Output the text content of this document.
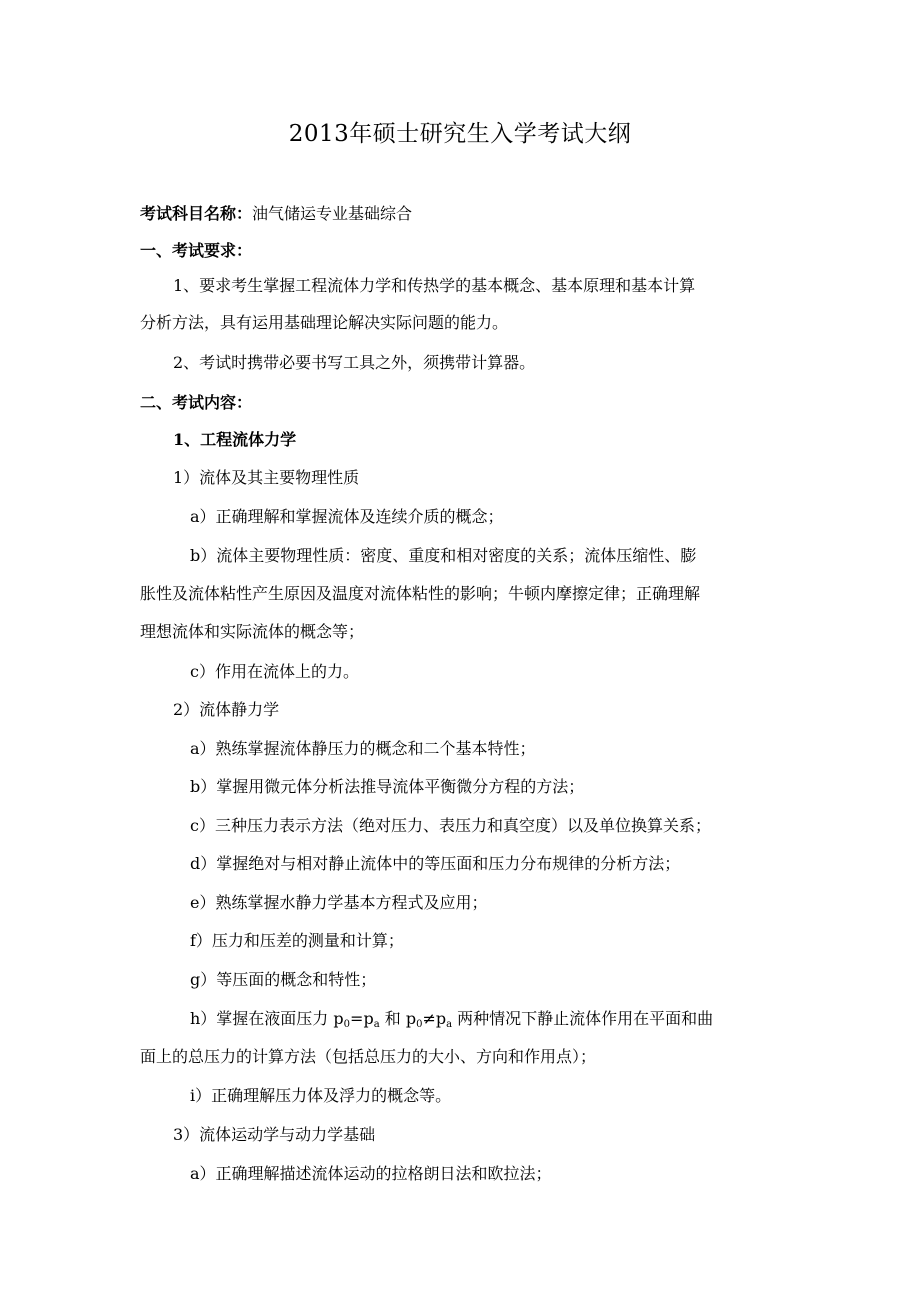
2013年硕士研究生入学考试大纲
考试科目名称：油气储运专业基础综合
一、考试要求：
1、要求考生掌握工程流体力学和传热学的基本概念、基本原理和基本计算
分析方法，具有运用基础理论解决实际问题的能力。
2、考试时携带必要书写工具之外，须携带计算器。
二、考试内容：
1、工程流体力学
1）流体及其主要物理性质
a）正确理解和掌握流体及连续介质的概念；
b）流体主要物理性质：密度、重度和相对密度的关系；流体压缩性、膨
胀性及流体粘性产生原因及温度对流体粘性的影响；牛顿内摩擦定律；正确理解
理想流体和实际流体的概念等；
c）作用在流体上的力。
2）流体静力学
a）熟练掌握流体静压力的概念和二个基本特性；
b）掌握用微元体分析法推导流体平衡微分方程的方法；
c）三种压力表示方法（绝对压力、表压力和真空度）以及单位换算关系；
d）掌握绝对与相对静止流体中的等压面和压力分布规律的分析方法；
e）熟练掌握水静力学基本方程式及应用；
f）压力和压差的测量和计算；
g）等压面的概念和特性；
h）掌握在液面压力 $p_0=p_a$ 和 $p_0\ne p_a$ 两种情况下静止流体作用在平面和曲
面上的总压力的计算方法（包括总压力的大小、方向和作用点）；
i）正确理解压力体及浮力的概念等。
3）流体运动学与动力学基础
a）正确理解描述流体运动的拉格朗日法和欧拉法；
